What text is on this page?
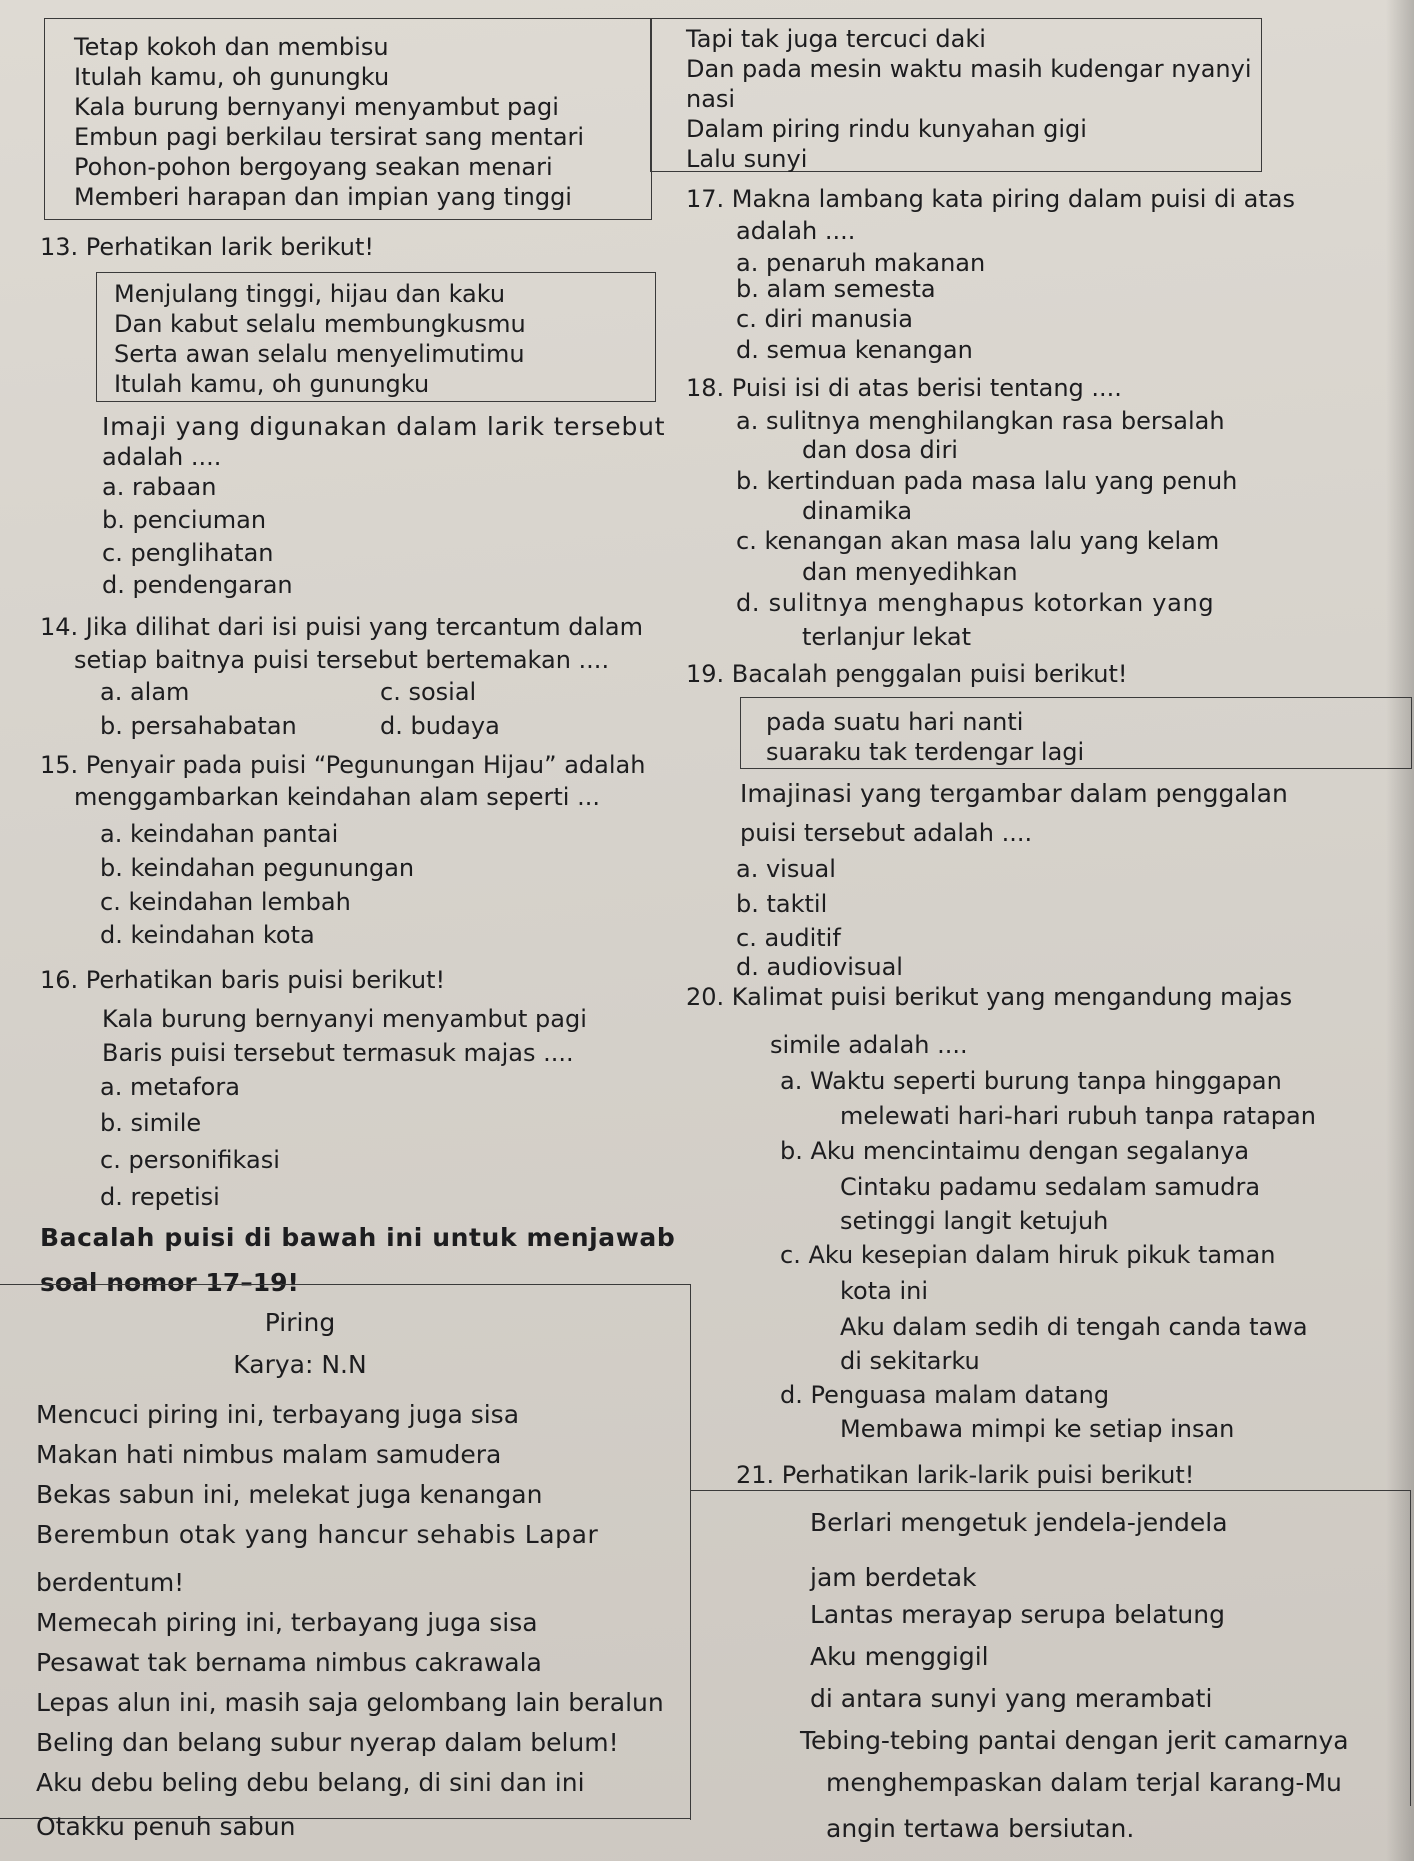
Tetap kokoh dan membisu
Itulah kamu, oh gunungku
Kala burung bernyanyi menyambut pagi
Embun pagi berkilau tersirat sang mentari
Pohon-pohon bergoyang seakan menari
Memberi harapan dan impian yang tinggi
13. Perhatikan larik berikut!
Menjulang tinggi, hijau dan kaku
Dan kabut selalu membungkusmu
Serta awan selalu menyelimutimu
Itulah kamu, oh gunungku
Imaji yang digunakan dalam larik tersebut
adalah ....
a. rabaan
b. penciuman
c. penglihatan
d. pendengaran
14. Jika dilihat dari isi puisi yang tercantum dalam
setiap baitnya puisi tersebut bertemakan ....
a. alam	c. sosial
b. persahabatan	d. budaya
15. Penyair pada puisi “Pegunungan Hijau” adalah
menggambarkan keindahan alam seperti ...
a. keindahan pantai
b. keindahan pegunungan
c. keindahan lembah
d. keindahan kota
16. Perhatikan baris puisi berikut!
Kala burung bernyanyi menyambut pagi
Baris puisi tersebut termasuk majas ....
a. metafora
b. simile
c. personifikasi
d. repetisi
Bacalah puisi di bawah ini untuk menjawab
soal nomor 17–19!
Piring
Karya: N.N
Mencuci piring ini, terbayang juga sisa
Makan hati nimbus malam samudera
Bekas sabun ini, melekat juga kenangan
Berembun otak yang hancur sehabis Lapar
berdentum!
Memecah piring ini, terbayang juga sisa
Pesawat tak bernama nimbus cakrawala
Lepas alun ini, masih saja gelombang lain beralun
Beling dan belang subur nyerap dalam belum!
Aku debu beling debu belang, di sini dan ini
Otakku penuh sabun
Tapi tak juga tercuci daki
Dan pada mesin waktu masih kudengar nyanyi
nasi
Dalam piring rindu kunyahan gigi
Lalu sunyi
17. Makna lambang kata piring dalam puisi di atas
adalah ....
a. penaruh makanan
b. alam semesta
c. diri manusia
d. semua kenangan
18. Puisi isi di atas berisi tentang ....
a. sulitnya menghilangkan rasa bersalah
dan dosa diri
b. kertinduan pada masa lalu yang penuh
dinamika
c. kenangan akan masa lalu yang kelam
dan menyedihkan
d. sulitnya menghapus kotorkan yang
terlanjur lekat
19. Bacalah penggalan puisi berikut!
pada suatu hari nanti
suaraku tak terdengar lagi
Imajinasi yang tergambar dalam penggalan
puisi tersebut adalah ....
a. visual
b. taktil
c. auditif
d. audiovisual
20. Kalimat puisi berikut yang mengandung majas
simile adalah ....
a. Waktu seperti burung tanpa hinggapan
melewati hari-hari rubuh tanpa ratapan
b. Aku mencintaimu dengan segalanya
Cintaku padamu sedalam samudra
setinggi langit ketujuh
c. Aku kesepian dalam hiruk pikuk taman
kota ini
Aku dalam sedih di tengah canda tawa
di sekitarku
d. Penguasa malam datang
Membawa mimpi ke setiap insan
21. Perhatikan larik-larik puisi berikut!
Berlari mengetuk jendela-jendela
jam berdetak
Lantas merayap serupa belatung
Aku menggigil
di antara sunyi yang merambati
Tebing-tebing pantai dengan jerit camarnya
menghempaskan dalam terjal karang-Mu
angin tertawa bersiutan.
